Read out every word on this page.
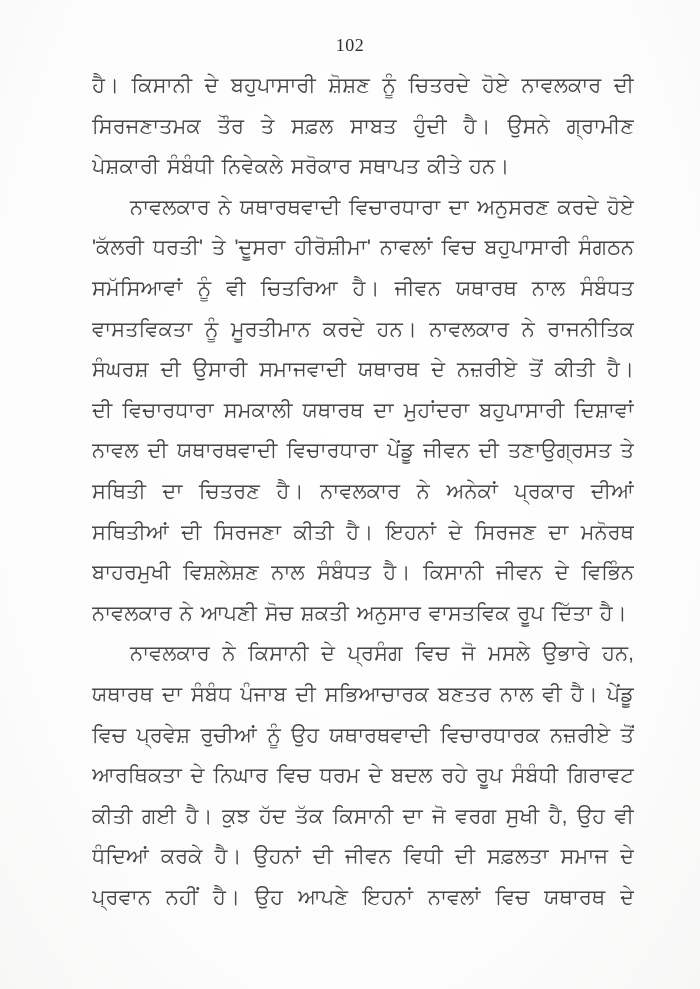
102
ਹੈ। ਕਿਸਾਨੀ ਦੇ ਬਹੁਪਾਸਾਰੀ ਸ਼ੋਸ਼ਣ ਨੂੰ ਚਿਤਰਦੇ ਹੋਏ ਨਾਵਲਕਾਰ ਦੀ
ਸਿਰਜਣਾਤਮਕ ਤੌਰ ਤੇ ਸਫ਼ਲ ਸਾਬਤ ਹੁੰਦੀ ਹੈ। ਉਸਨੇ ਗ੍ਰਾਮੀਣ
ਪੇਸ਼ਕਾਰੀ ਸੰਬੰਧੀ ਨਿਵੇਕਲੇ ਸਰੋਕਾਰ ਸਥਾਪਤ ਕੀਤੇ ਹਨ।
ਨਾਵਲਕਾਰ ਨੇ ਯਥਾਰਥਵਾਦੀ ਵਿਚਾਰਧਾਰਾ ਦਾ ਅਨੁਸਰਣ ਕਰਦੇ ਹੋਏ
'ਕੱਲਰੀ ਧਰਤੀ' ਤੇ 'ਦੂਸਰਾ ਹੀਰੋਸ਼ੀਮਾ' ਨਾਵਲਾਂ ਵਿਚ ਬਹੁਪਾਸਾਰੀ ਸੰਗਠਨ
ਸਮੱਸਿਆਵਾਂ ਨੂੰ ਵੀ ਚਿਤਰਿਆ ਹੈ। ਜੀਵਨ ਯਥਾਰਥ ਨਾਲ ਸੰਬੰਧਤ
ਵਾਸਤਵਿਕਤਾ ਨੂੰ ਮੂਰਤੀਮਾਨ ਕਰਦੇ ਹਨ। ਨਾਵਲਕਾਰ ਨੇ ਰਾਜਨੀਤਿਕ
ਸੰਘਰਸ਼ ਦੀ ਉਸਾਰੀ ਸਮਾਜਵਾਦੀ ਯਥਾਰਥ ਦੇ ਨਜ਼ਰੀਏ ਤੋਂ ਕੀਤੀ ਹੈ।
ਦੀ ਵਿਚਾਰਧਾਰਾ ਸਮਕਾਲੀ ਯਥਾਰਥ ਦਾ ਮੁਹਾਂਦਰਾ ਬਹੁਪਾਸਾਰੀ ਦਿਸ਼ਾਵਾਂ
ਨਾਵਲ ਦੀ ਯਥਾਰਥਵਾਦੀ ਵਿਚਾਰਧਾਰਾ ਪੇਂਡੂ ਜੀਵਨ ਦੀ ਤਣਾਉਗ੍ਰਸਤ ਤੇ
ਸਥਿਤੀ ਦਾ ਚਿਤਰਣ ਹੈ। ਨਾਵਲਕਾਰ ਨੇ ਅਨੇਕਾਂ ਪ੍ਰਕਾਰ ਦੀਆਂ
ਸਥਿਤੀਆਂ ਦੀ ਸਿਰਜਣਾ ਕੀਤੀ ਹੈ। ਇਹਨਾਂ ਦੇ ਸਿਰਜਣ ਦਾ ਮਨੋਰਥ
ਬਾਹਰਮੁਖੀ ਵਿਸ਼ਲੇਸ਼ਣ ਨਾਲ ਸੰਬੰਧਤ ਹੈ। ਕਿਸਾਨੀ ਜੀਵਨ ਦੇ ਵਿਭਿੰਨ
ਨਾਵਲਕਾਰ ਨੇ ਆਪਣੀ ਸੋਚ ਸ਼ਕਤੀ ਅਨੁਸਾਰ ਵਾਸਤਵਿਕ ਰੂਪ ਦਿੱਤਾ ਹੈ।
ਨਾਵਲਕਾਰ ਨੇ ਕਿਸਾਨੀ ਦੇ ਪ੍ਰਸੰਗ ਵਿਚ ਜੋ ਮਸਲੇ ਉਭਾਰੇ ਹਨ,
ਯਥਾਰਥ ਦਾ ਸੰਬੰਧ ਪੰਜਾਬ ਦੀ ਸਭਿਆਚਾਰਕ ਬਣਤਰ ਨਾਲ ਵੀ ਹੈ। ਪੇਂਡੂ
ਵਿਚ ਪ੍ਰਵੇਸ਼ ਰੁਚੀਆਂ ਨੂੰ ਉਹ ਯਥਾਰਥਵਾਦੀ ਵਿਚਾਰਧਾਰਕ ਨਜ਼ਰੀਏ ਤੋਂ
ਆਰਥਿਕਤਾ ਦੇ ਨਿਘਾਰ ਵਿਚ ਧਰਮ ਦੇ ਬਦਲ ਰਹੇ ਰੂਪ ਸੰਬੰਧੀ ਗਿਰਾਵਟ
ਕੀਤੀ ਗਈ ਹੈ। ਕੁਝ ਹੱਦ ਤੱਕ ਕਿਸਾਨੀ ਦਾ ਜੋ ਵਰਗ ਸੁਖੀ ਹੈ, ਉਹ ਵੀ
ਧੰਦਿਆਂ ਕਰਕੇ ਹੈ। ਉਹਨਾਂ ਦੀ ਜੀਵਨ ਵਿਧੀ ਦੀ ਸਫ਼ਲਤਾ ਸਮਾਜ ਦੇ
ਪ੍ਰਵਾਨ ਨਹੀਂ ਹੈ। ਉਹ ਆਪਣੇ ਇਹਨਾਂ ਨਾਵਲਾਂ ਵਿਚ ਯਥਾਰਥ ਦੇ
